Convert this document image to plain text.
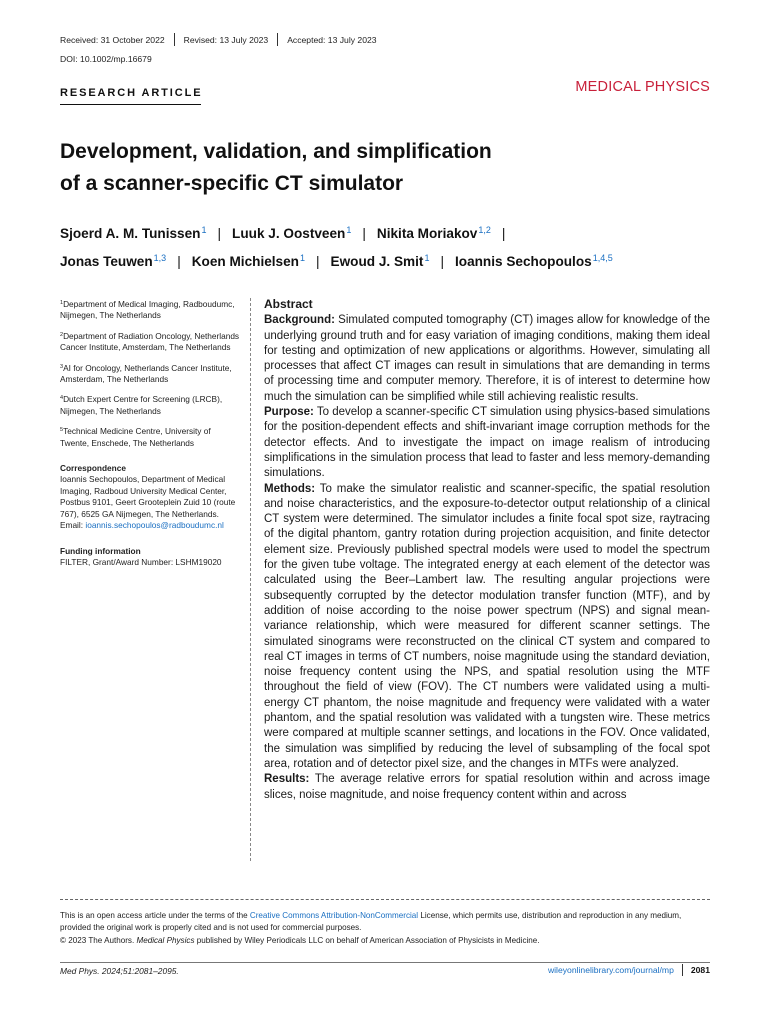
Received: 31 October 2022 Revised: 13 July 2023 Accepted: 13 July 2023
DOI: 10.1002/mp.16679
RESEARCH ARTICLE	MEDICAL PHYSICS
Development, validation, and simplification
of a scanner-specific CT simulator
Sjoerd A. M. Tunissen$^1$ | Luuk J. Oostveen$^1$ | Nikita Moriakov$^{1,2}$ |
Jonas Teuwen$^{1,3}$ | Koen Michielsen$^1$ | Ewoud J. Smit$^1$ | Ioannis Sechopoulos$^{1,4,5}$
$^1$Department of Medical Imaging, Radboudumc, Nijmegen, The Netherlands
$^2$Department of Radiation Oncology, Netherlands Cancer Institute, Amsterdam, The Netherlands
$^3$AI for Oncology, Netherlands Cancer Institute, Amsterdam, The Netherlands
$^4$Dutch Expert Centre for Screening (LRCB), Nijmegen, The Netherlands
$^5$Technical Medicine Centre, University of Twente, Enschede, The Netherlands
Correspondence
Ioannis Sechopoulos, Department of Medical Imaging, Radboud University Medical Center, Postbus 9101, Geert Grooteplein Zuid 10 (route 767), 6525 GA Nijmegen, The Netherlands.
Email: ioannis.sechopoulos@radboudumc.nl
Funding information
FILTER, Grant/Award Number: LSHM19020
Abstract

Background: Simulated computed tomography (CT) images allow for knowledge of the underlying ground truth and for easy variation of imaging conditions, making them ideal for testing and optimization of new applications or algorithms. However, simulating all processes that affect CT images can result in simulations that are demanding in terms of processing time and computer memory. Therefore, it is of interest to determine how much the simulation can be simplified while still achieving realistic results.

Purpose: To develop a scanner-specific CT simulation using physics-based simulations for the position-dependent effects and shift-invariant image corruption methods for the detector effects. And to investigate the impact on image realism of introducing simplifications in the simulation process that lead to faster and less memory-demanding simulations.

Methods: To make the simulator realistic and scanner-specific, the spatial resolution and noise characteristics, and the exposure-to-detector output relationship of a clinical CT system were determined. The simulator includes a finite focal spot size, raytracing of the digital phantom, gantry rotation during projection acquisition, and finite detector element size. Previously published spectral models were used to model the spectrum for the given tube voltage. The integrated energy at each element of the detector was calculated using the Beer–Lambert law. The resulting angular projections were subsequently corrupted by the detector modulation transfer function (MTF), and by addition of noise according to the noise power spectrum (NPS) and signal mean-variance relationship, which were measured for different scanner settings. The simulated sinograms were reconstructed on the clinical CT system and compared to real CT images in terms of CT numbers, noise magnitude using the standard deviation, noise frequency content using the NPS, and spatial resolution using the MTF throughout the field of view (FOV). The CT numbers were validated using a multi-energy CT phantom, the noise magnitude and frequency were validated with a water phantom, and the spatial resolution was validated with a tungsten wire. These metrics were compared at multiple scanner settings, and locations in the FOV. Once validated, the simulation was simplified by reducing the level of subsampling of the focal spot area, rotation and of detector pixel size, and the changes in MTFs were analyzed.

Results: The average relative errors for spatial resolution within and across image slices, noise magnitude, and noise frequency content within and across

This is an open access article under the terms of the Creative Commons Attribution-NonCommercial License, which permits use, distribution and reproduction in any medium, provided the original work is properly cited and is not used for commercial purposes.
© 2023 The Authors. Medical Physics published by Wiley Periodicals LLC on behalf of American Association of Physicists in Medicine.
Med Phys. 2024;51:2081–2095.	wileyonlinelibrary.com/journal/mp 2081
